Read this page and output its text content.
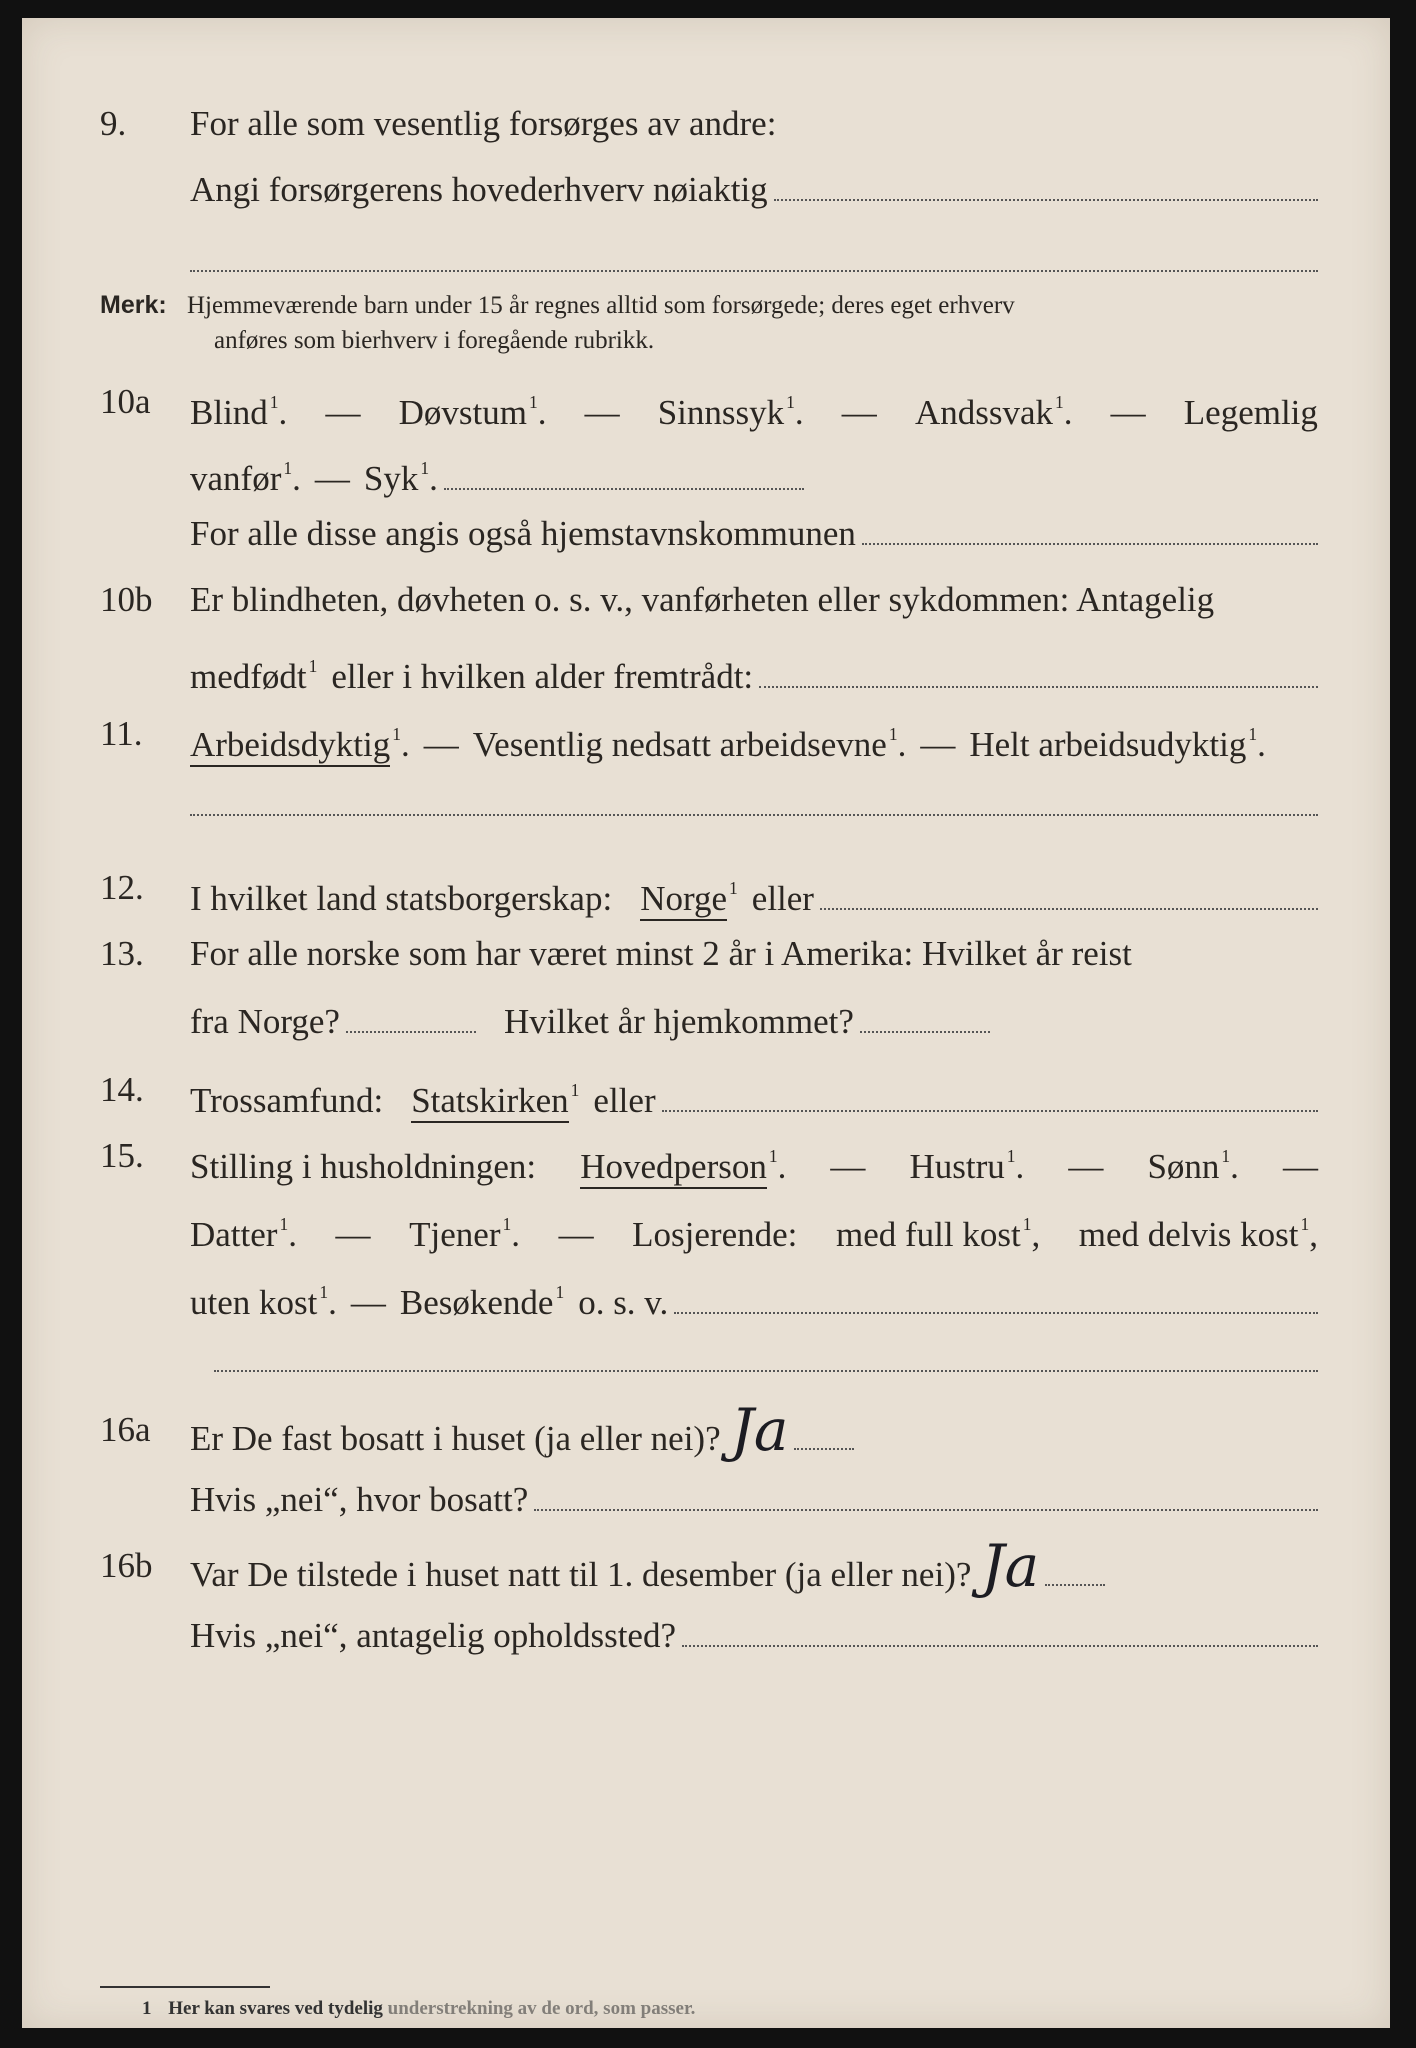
9. For alle som vesentlig forsørges av andre:
Angi forsørgerens hovederhverv nøiaktig
Merk: Hjemmeværende barn under 15 år regnes alltid som forsørgede; deres eget erhverv
anføres som bierhverv i foregående rubrikk.
10a Blind $^1$. — Døvstum $^1$. — Sinnssyk $^1$. — Andssvak $^1$. — Legemlig
vanfør $^1$. — Syk $^1$.
For alle disse angis også hjemstavnskommunen
10b Er blindheten, døvheten o. s. v., vanførheten eller sykdommen: Antagelig
medfødt $^1$ eller i hvilken alder fremtrådt:
11. Arbeidsdyktig $^1$. — Vesentlig nedsatt arbeidsevne $^1$. — Helt arbeidsudyktig $^1$.
12. I hvilket land statsborgerskap: Norge $^1$ eller
13. For alle norske som har været minst 2 år i Amerika: Hvilket år reist
fra Norge?	Hvilket år hjemkommet?
14. Trossamfund: Statskirken $^1$ eller
15. Stilling i husholdningen: Hovedperson $^1$. — Hustru $^1$. — Sønn $^1$. —
Datter $^1$. — Tjener $^1$. — Losjerende: med full kost $^1$, med delvis kost $^1$,
uten kost $^1$. — Besøkende $^1$ o. s. v.
16a Er De fast bosatt i huset (ja eller nei)? Ja
Hvis „nei“, hvor bosatt?
16b Var De tilstede i huset natt til 1. desember (ja eller nei)? Ja
Hvis „nei“, antagelig opholdssted?
1 Her kan svares ved tydelig understrekning av de ord, som passer.
